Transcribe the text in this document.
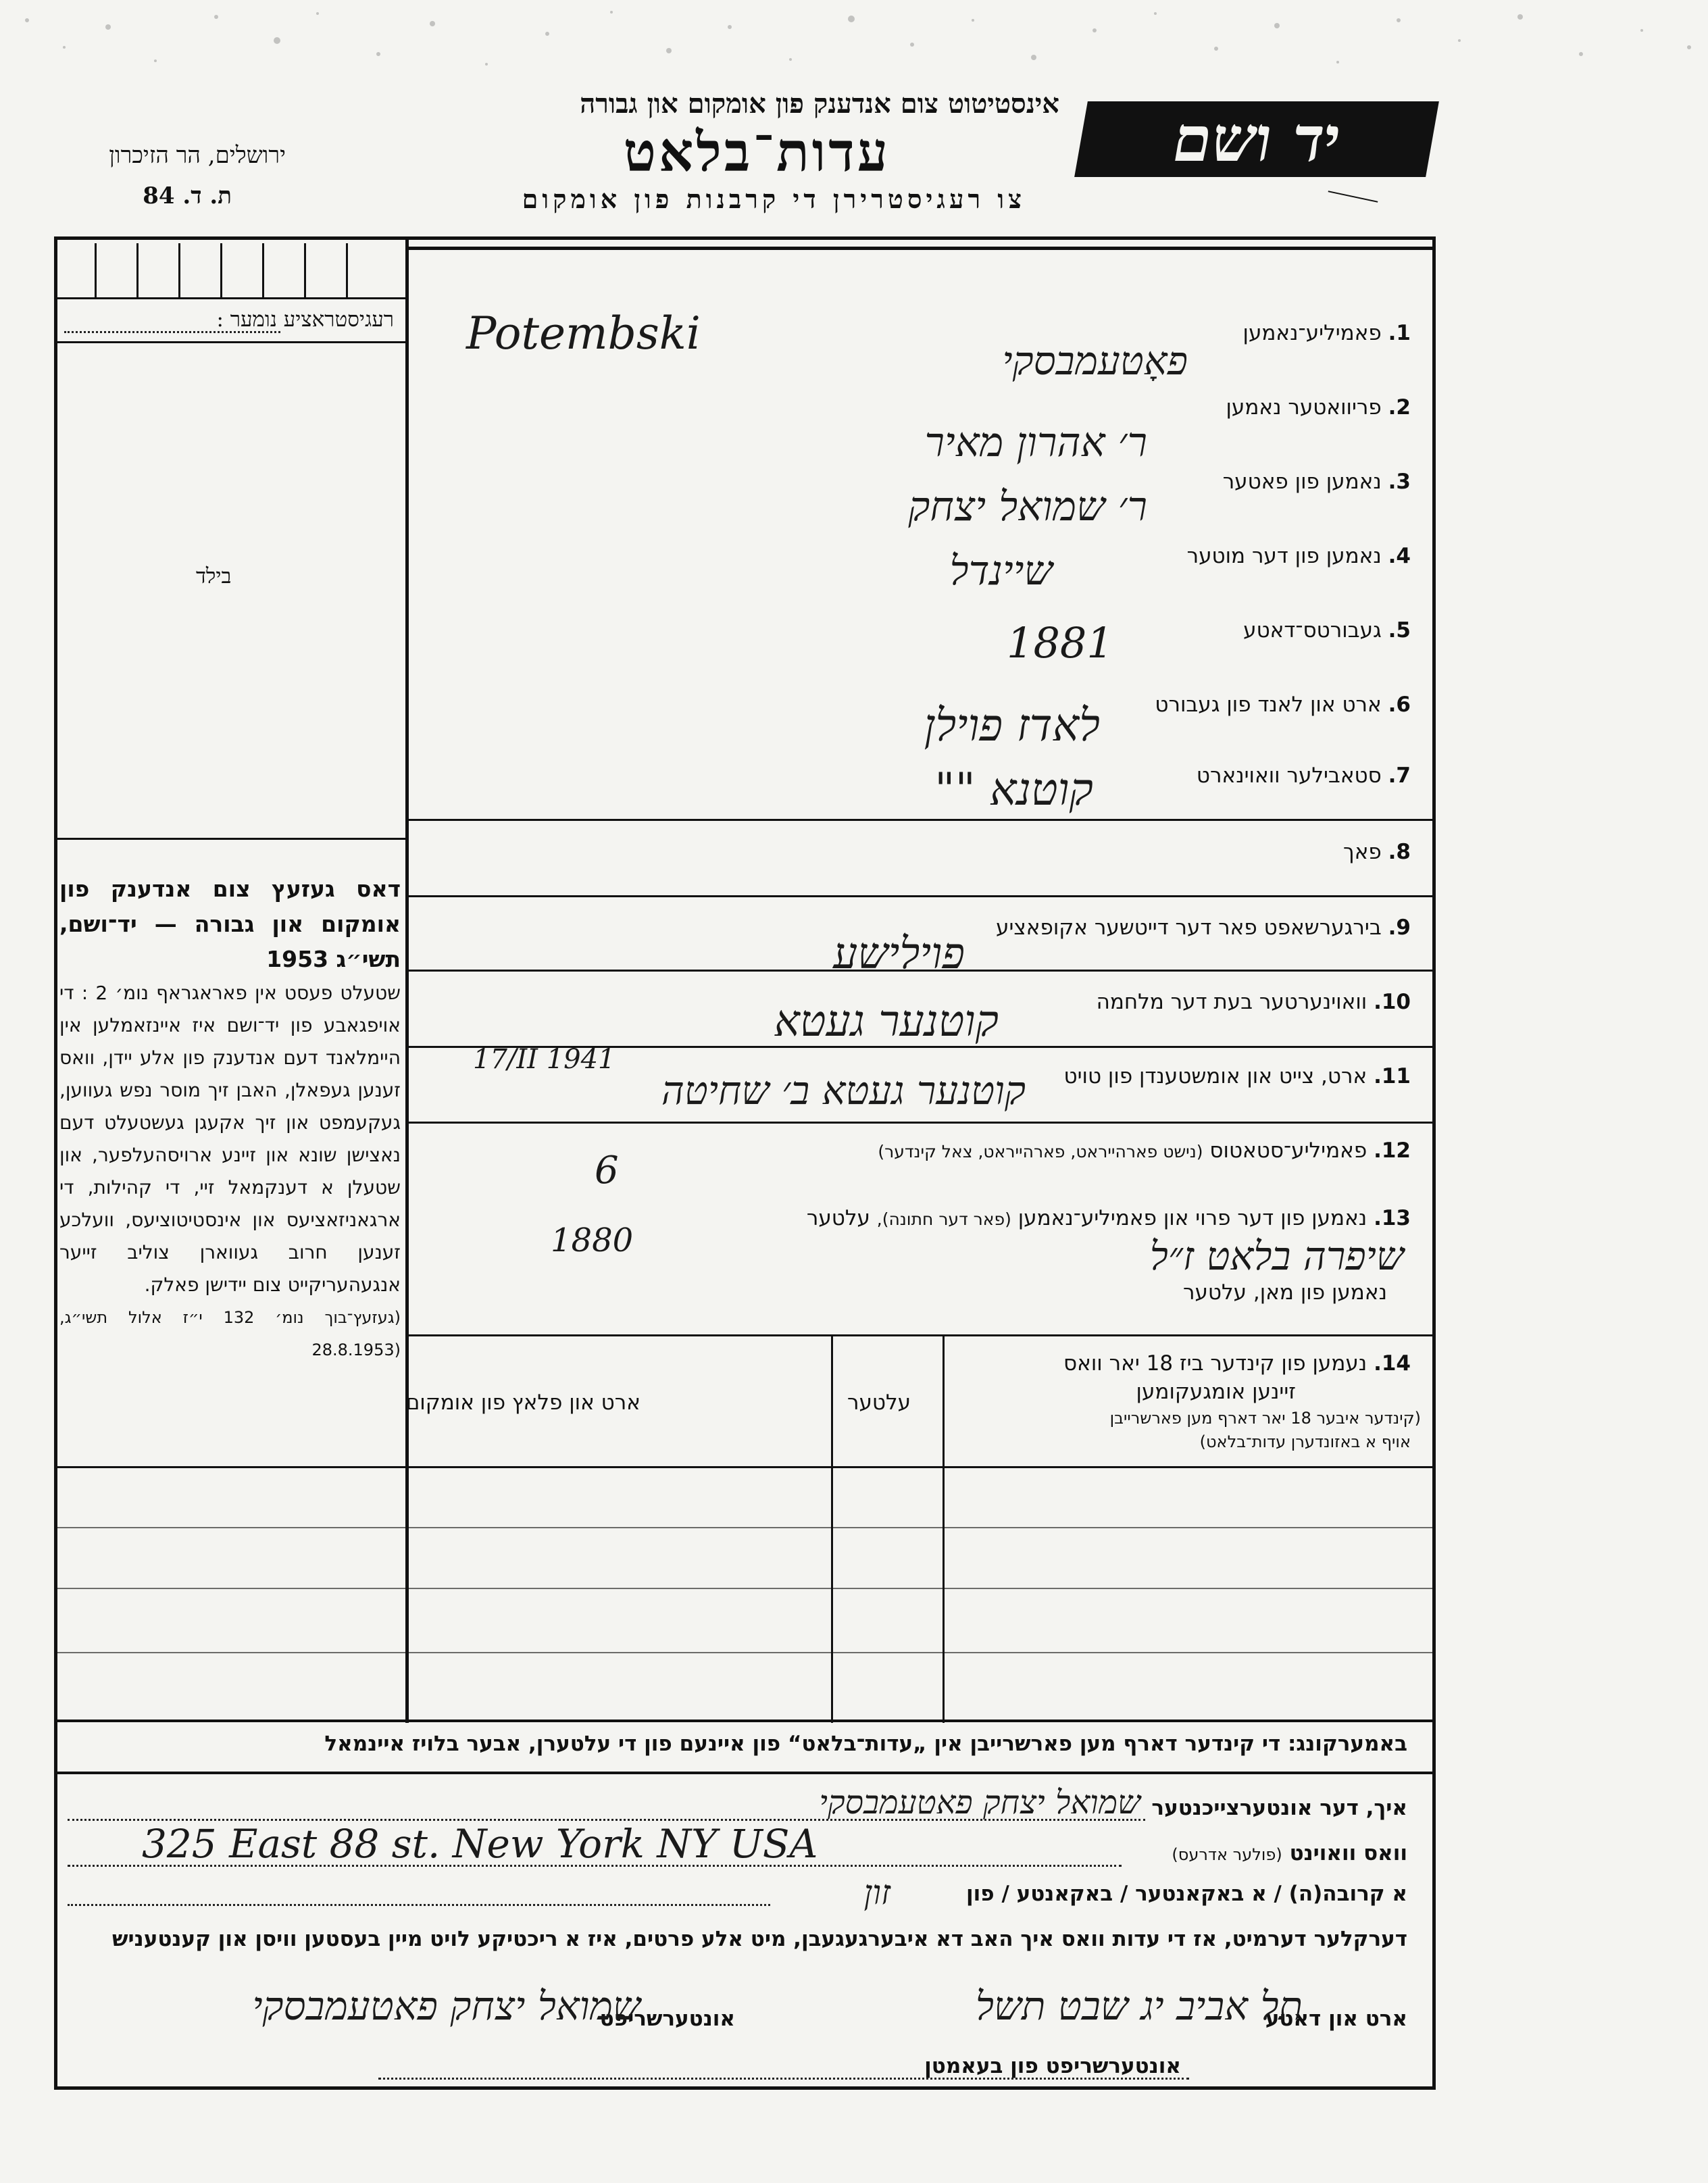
אינסטיטוט צום אנדענק פון אומקום און גבורה
עדות־בלאט
צו רעגיסטרירן די קרבנות פון אומקום
יד ושם
ירושלים, הר הזיכרון
ת. ד. 84
רעגיסטראציע נומער :
בילד
דאס געזעץ צום אנדענק פון אומקום און גבורה — יד־ושם, תשי״ג 1953
שטעלט פעסט אין פאראגראף נומ׳ 2 : די אויפגאבע פון יד־ושם איז איינזאמלען אין היימלאנד דעם אנדענק פון אלע יידן, וואס זענען געפאלן, האבן זיך מוסר נפש געווען, געקעמפט און זיך אקעגן געשטעלט דעם נאצישן שונא און זיינע ארויסהעלפער, און שטעלן א דענקמאל זיי, די קהילות, די ארגאניזאציעס און אינסטיטוציעס, וועלכע זענען חרוב געווארן צוליב זייער אנגעהעריקייט צום יידישן פאלק.
(געזעץ־בוך נומ׳ 132 י״ז אלול תשי״ג, (28.8.1953
1. פאמיליע־נאמען
Potembski
פאָטעמבסקי
2. פריוואטער נאמען
ר׳ אהרון מאיר
3. נאמען פון פאטער
ר׳ שמואל יצחק
4. נאמען פון דער מוטער
שיינדל
5. געבורטס־דאטע
1881
6. ארט און לאנד פון געבורט
לאדז פוילן
7. סטאבילער וואוינארט
קוטנא ""
8. פאך
9. בירגערשאפט פאר דער דייטשער אקופאציע
פוילישע
10. וואוינערטער בעת דער מלחמה
קוטנער געטא
11. ארט, צייט און אומשטענדן פון טויט
17/II 1941
קוטנער געטא ב׳ שחיטה
12. פאמיליע־סטאטוס (נישט פארהייראט, פארהייראט, צאל קינדער)
6
13. נאמען פון דער פרוי און פאמיליע־נאמען (פאר דער חתונה), עלטער
1880	שיפרה בלאט ז״ל
נאמען פון מאן, עלטער
14. נעמען פון קינדער ביז 18 יאר וואס
זיינען אומגעקומען
(קינדער איבער 18 יאר דארף מען פארשרייבן
אויף א באזונדערן עדות־בלאט)
עלטער
ארט און פלאץ פון אומקום
באמערקונג: די קינדער דארף מען פארשרייבן אין „עדות־בלאט“ פון איינעם פון די עלטערן, אבער בלויז איינמאל
איך, דער אונטערצייכנטער
שמואל יצחק פאטעמבסקי
וואס וואוינט (פולער אדרעס)
325 East 88 st. New York NY USA
א קרובה(ה) / א באקאנטער / באקאנטע / פון
זון
דערקלער דערמיט, אז די עדות וואס איך האב דא איבערגעגעבן, מיט אלע פרטים, איז א ריכטיקע לויט מיין בעסטען וויסן און קענטעניש
ארט און דאטע
תל אביב יג שבט תשל
אונטערשריפט
שמואל יצחק פאטעמבסקי
אונטערשריפט פון בעאמטן
